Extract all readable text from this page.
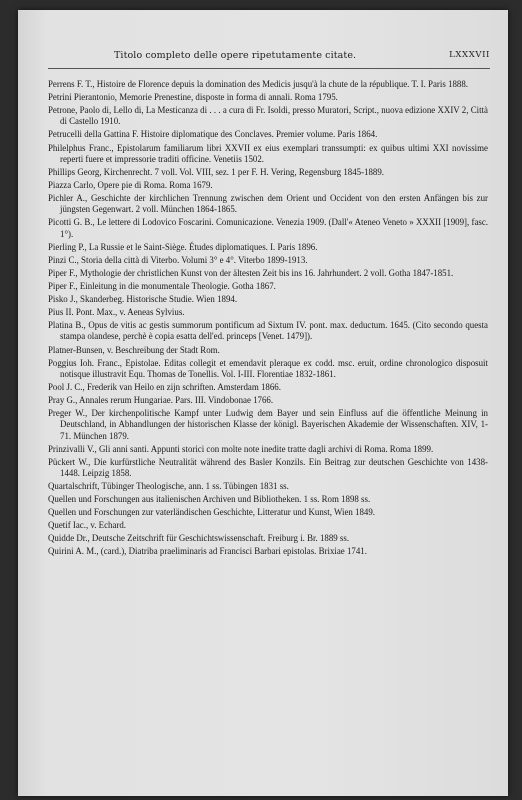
Titolo completo delle opere ripetutamente citate.	LXXXVII

Perrens F. T., Histoire de Florence depuis la domination des Medicis jusqu'à la chute de la république. T. I. Paris 1888.

Petrini Pierantonio, Memorie Prenestine, disposte in forma di annali. Roma 1795.

Petrone, Paolo di, Lello di, La Mesticanza di . . . a cura di Fr. Isoldi, presso Muratori, Script., nuova edizione XXIV 2, Città di Castello 1910.

Petrucelli della Gattina F. Histoire diplomatique des Conclaves. Premier volume. Paris 1864.

Philelphus Franc., Epistolarum familiarum libri XXVII ex eius exemplari transsumpti: ex quibus ultimi XXI novissime reperti fuere et impressorie traditi officine. Venetiis 1502.

Phillips Georg, Kirchenrecht. 7 voll. Vol. VIII, sez. 1 per F. H. Vering, Regensburg 1845-1889.

Piazza Carlo, Opere pie di Roma. Roma 1679.

Pichler A., Geschichte der kirchlichen Trennung zwischen dem Orient und Occident von den ersten Anfängen bis zur jüngsten Gegenwart. 2 voll. München 1864-1865.

Picotti G. B., Le lettere di Lodovico Foscarini. Comunicazione. Venezia 1909. (Dall'« Ateneo Veneto » XXXII [1909], fasc. 1°).

Pierling P., La Russie et le Saint-Siège. Études diplomatiques. I. Paris 1896.

Pinzi C., Storia della città di Viterbo. Volumi 3° e 4°. Viterbo 1899-1913.

Piper F., Mythologie der christlichen Kunst von der ältesten Zeit bis ins 16. Jahrhundert. 2 voll. Gotha 1847-1851.

Piper F., Einleitung in die monumentale Theologie. Gotha 1867.

Pisko J., Skanderbeg. Historische Studie. Wien 1894.

Pius II. Pont. Max., v. Aeneas Sylvius.

Platina B., Opus de vitis ac gestis summorum pontificum ad Sixtum IV. pont. max. deductum. 1645. (Cito secondo questa stampa olandese, perchè è copia esatta dell'ed. princeps [Venet. 1479]).

Platner-Bunsen, v. Beschreibung der Stadt Rom.

Poggius Ioh. Franc., Epistolae. Editas collegit et emendavit pleraque ex codd. msc. eruit, ordine chronologico disposuit notisque illustravit Equ. Thomas de Tonellis. Vol. I-III. Florentiae 1832-1861.

Pool J. C., Frederik van Heilo en zijn schriften. Amsterdam 1866.

Pray G., Annales rerum Hungariae. Pars. III. Vindobonae 1766.

Preger W., Der kirchenpolitische Kampf unter Ludwig dem Bayer und sein Einfluss auf die öffentliche Meinung in Deutschland, in Abhandlungen der historischen Klasse der königl. Bayerischen Akademie der Wissenschaften. XIV, 1-71. München 1879.

Prinzivalli V., Gli anni santi. Appunti storici con molte note inedite tratte dagli archivi di Roma. Roma 1899.

Pückert W., Die kurfürstliche Neutralität während des Basler Konzils. Ein Beitrag zur deutschen Geschichte von 1438-1448. Leipzig 1858.

Quartalschrift, Tübinger Theologische, ann. 1 ss. Tübingen 1831 ss.

Quellen und Forschungen aus italienischen Archiven und Bibliotheken. 1 ss. Rom 1898 ss.

Quellen und Forschungen zur vaterländischen Geschichte, Litteratur und Kunst, Wien 1849.

Quetif Iac., v. Echard.

Quidde Dr., Deutsche Zeitschrift für Geschichtswissenschaft. Freiburg i. Br. 1889 ss.

Quirini A. M., (card.), Diatriba praeliminaris ad Francisci Barbari epistolas. Brixiae 1741.
